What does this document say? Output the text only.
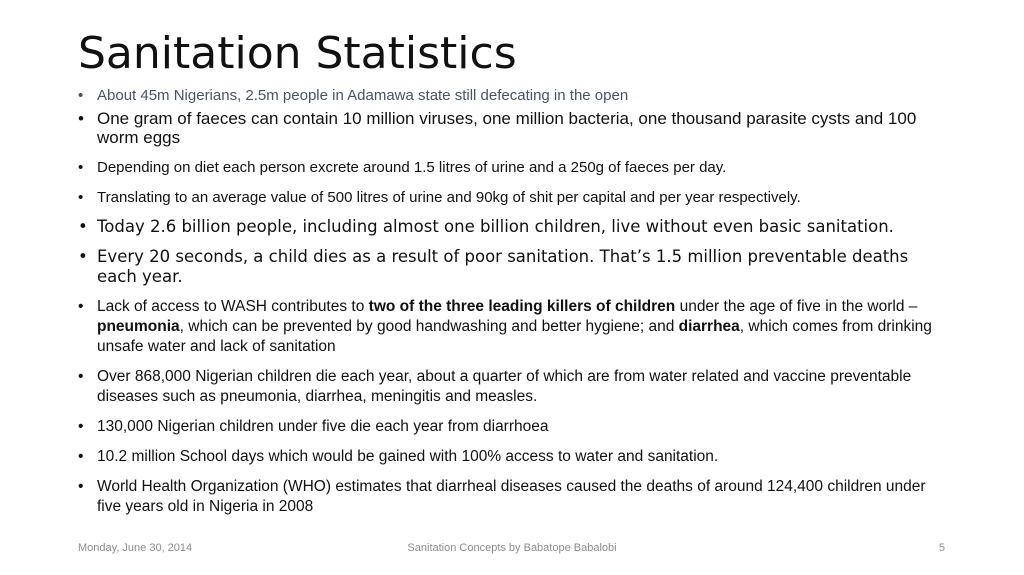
Sanitation Statistics
• About 45m Nigerians, 2.5m people in Adamawa state still defecating in the open
• One gram of faeces can contain 10 million viruses, one million bacteria, one thousand parasite cysts and 100 worm eggs
• Depending on diet each person excrete around 1.5 litres of urine and a 250g of faeces per day.
• Translating to an average value of 500 litres of urine and 90kg of shit per capital and per year respectively.
• Today 2.6 billion people, including almost one billion children, live without even basic sanitation.
• Every 20 seconds, a child dies as a result of poor sanitation. That’s 1.5 million preventable deaths each year.
• Lack of access to WASH contributes to two of the three leading killers of children under the age of five in the world –pneumonia, which can be prevented by good handwashing and better hygiene; and diarrhea, which comes from drinking unsafe water and lack of sanitation
• Over 868,000 Nigerian children die each year, about a quarter of which are from water related and vaccine preventable diseases such as pneumonia, diarrhea, meningitis and measles.
• 130,000 Nigerian children under five die each year from diarrhoea
• 10.2 million School days which would be gained with 100% access to water and sanitation.
• World Health Organization (WHO) estimates that diarrheal diseases caused the deaths of around 124,400 children under five years old in Nigeria in 2008
Monday, June 30, 2014	Sanitation Concepts by Babatope Babalobi	5
